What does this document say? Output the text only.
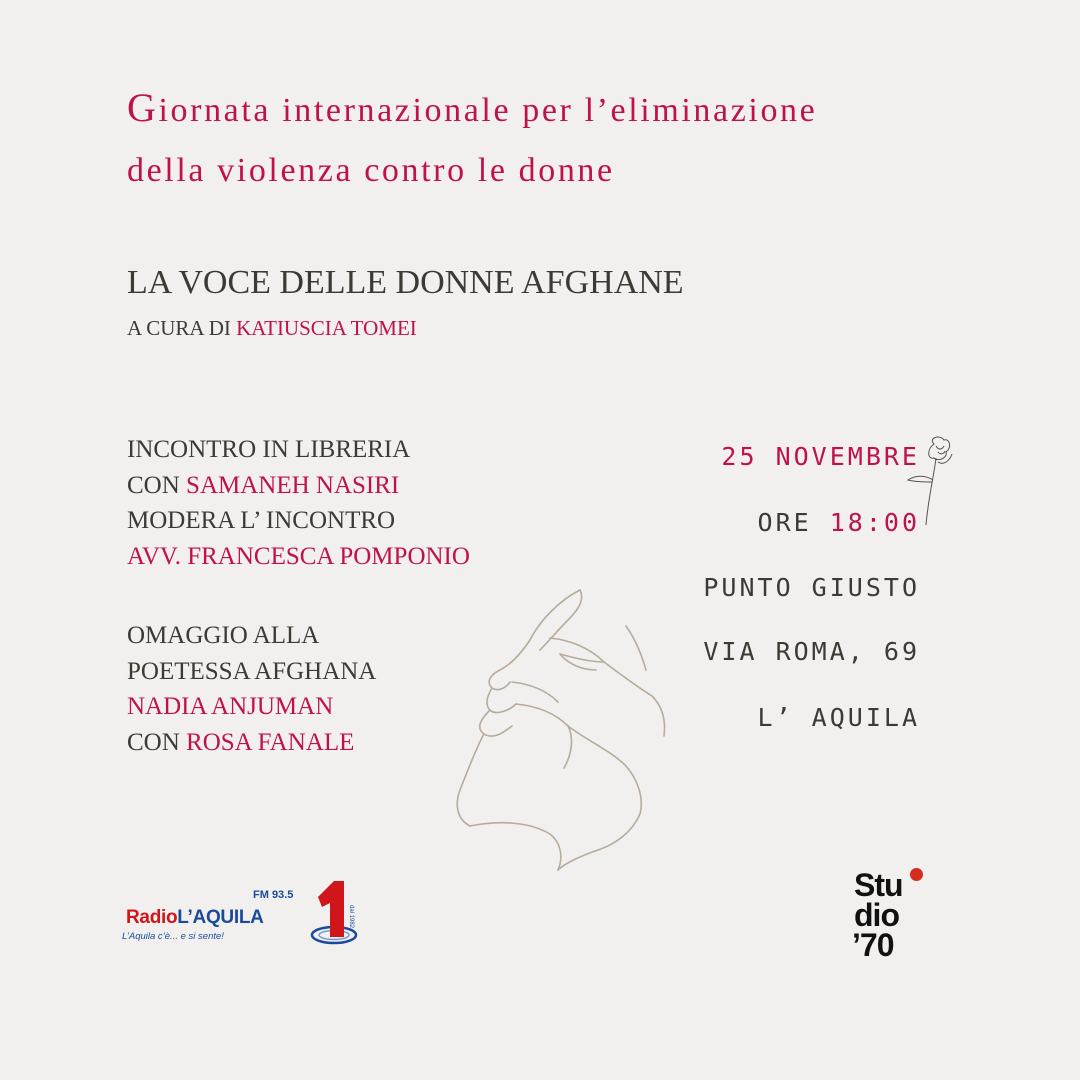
Giornata internazionale per l’eliminazione

della violenza contro le donne

LA VOCE DELLE DONNE AFGHANE

A CURA DI KATIUSCIA TOMEI

INCONTRO IN LIBRERIA
CON SAMANEH NASIRI
MODERA L’ INCONTRO
AVV. FRANCESCA POMPONIO
OMAGGIO ALLA
POETESSA AFGHANA
NADIA ANJUMAN
CON ROSA FANALE

25 NOVEMBRE

ORE 18:00

PUNTO GIUSTO

VIA ROMA, 69

L’ AQUILA

FM 93.5
RadioL’AQUILA
L’Aquila c’è... e si sente!
dal 1982
Stu
dio
’70
